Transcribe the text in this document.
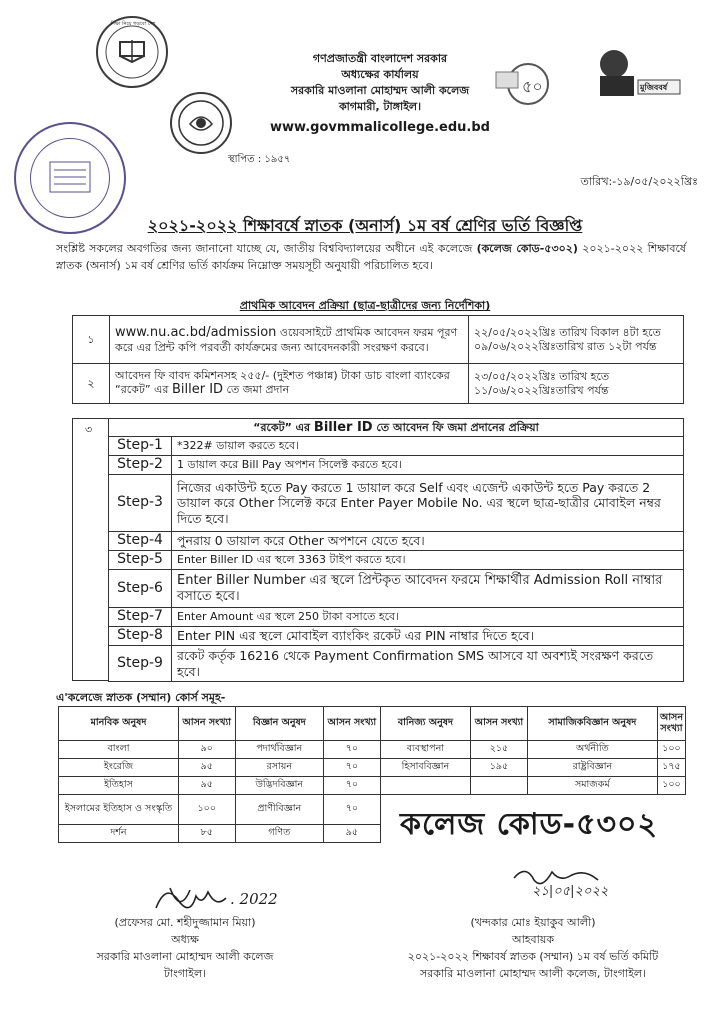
শিক্ষা নিয়ে গড়বো দেশ
স্থাপিত : ১৯৫৭
৫০	মুজিববর্ষ
গণপ্রজাতন্ত্রী বাংলাদেশ সরকার
অধ্যক্ষের কার্যালয়
সরকারি মাওলানা মোহাম্মদ আলী কলেজ
কাগমারী, টাঙ্গাইল।
www.govmmalicollege.edu.bd
তারিখ:-১৯/০৫/২০২২খ্রিঃ
২০২১-২০২২ শিক্ষাবর্ষে স্নাতক (অনার্স) ১ম বর্ষ শ্রেণির ভর্তি বিজ্ঞপ্তি
সংশ্লিষ্ট সকলের অবগতির জন্য জানানো যাচ্ছে যে, জাতীয় বিশ্ববিদ্যালয়ের অধীনে এই কলেজে (কলেজ কোড-৫৩০২) ২০২১-২০২২ শিক্ষাবর্ষে স্নাতক (অনার্স) ১ম বর্ষ শ্রেণির ভর্তি কার্যক্রম নিম্নোক্ত সময়সূচী অনুযায়ী পরিচালিত হবে।
প্রাথমিক আবেদন প্রক্রিয়া (ছাত্র-ছাত্রীদের জন্য নির্দেশিকা)
১	www.nu.ac.bd/admission ওয়েবসাইটে প্রাথমিক আবেদন ফরম পূরণ করে এর প্রিন্ট কপি পরবর্তী কার্যক্রমের জন্য আবেদনকারী সংরক্ষণ করবে।	২২/০৫/২০২২খ্রিঃ তারিখ বিকাল ৪টা হতে
০৯/০৬/২০২২খ্রিঃতারিখ রাত ১২টা পর্যন্ত

২	আবেদন ফি বাবদ কমিশনসহ ২৫৫/- (দুইশত পঞ্চান্ন) টাকা ডাচ বাংলা ব্যাংকের “রকেট” এর Biller ID তে জমা প্রদান	২৩/০৫/২০২২খ্রিঃ তারিখ হতে
১১/০৬/২০২২খ্রিঃতারিখ পর্যন্ত
৩	“রকেট” এর Biller ID তে আবেদন ফি জমা প্রদানের প্রক্রিয়া	
Step-1	*322# ডায়াল করতে হবে।
Step-2	1 ডায়াল করে Bill Pay অপশন সিলেক্ট করতে হবে।
Step-3	নিজের একাউন্ট হতে Pay করতে 1 ডায়াল করে Self এবং এজেন্ট একাউন্ট হতে Pay করতে 2 ডায়াল করে Other সিলেক্ট করে Enter Payer Mobile No. এর স্থলে ছাত্র-ছাত্রীর মোবাইল নম্বর দিতে হবে।
Step-4	পুনরায় 0 ডায়াল করে Other অপশনে যেতে হবে।
Step-5	Enter Biller ID এর স্থলে 3363 টাইপ করতে হবে।
Step-6	Enter Biller Number এর স্থলে প্রিন্টকৃত আবেদন ফরমে শিক্ষার্থীর Admission Roll নাম্বার বসাতে হবে।
Step-7	Enter Amount এর স্থলে 250 টাকা বসাতে হবে।
Step-8	Enter PIN এর স্থলে মোবাইল ব্যাংকিং রকেট এর PIN নাম্বার দিতে হবে।
Step-9	রকেট কর্তৃক 16216 থেকে Payment Confirmation SMS আসবে যা অবশ্যই সংরক্ষণ করতে হবে।
এ'কলেজে স্নাতক (সম্মান) কোর্স সমূহ-
মানবিক অনুষদ	আসন সংখ্যা	বিজ্ঞান অনুষদ	আসন সংখ্যা	বানিজ্য অনুষদ	আসন সংখ্যা	সামাজিকবিজ্ঞান অনুষদ	আসন সংখ্যা
বাংলা	৯০	পদার্থবিজ্ঞান	৭০	ব্যবস্থাপনা	২১৫	অর্থনীতি	১০০
ইংরেজি	৯৫	রসায়ন	৭০	হিসাববিজ্ঞান	১৯৫	রাষ্ট্রবিজ্ঞান	১৭৫
ইতিহাস	৯৫	উদ্ভিদবিজ্ঞান	৭০			সমাজকর্ম	১০০
ইসলামের ইতিহাস ও সংস্কৃতি	১০০	প্রাণীবিজ্ঞান	৭০				
দর্শন	৮৫	গণিত	৯৫				কলেজ কোড-৫৩০২
. 2022	২১|০৫|২০২২
(প্রফেসর মো. শহীদুজ্জামান মিয়া)
অধ্যক্ষ
সরকারি মাওলানা মোহাম্মদ আলী কলেজ
টাংগাইল।
(খন্দকার মোঃ ইয়াকুব আলী)
আহবায়ক
২০২১-২০২২ শিক্ষাবর্ষ স্নাতক (সম্মান) ১ম বর্ষ ভর্তি কমিটি
সরকারি মাওলানা মোহাম্মদ আলী কলেজ, টাংগাইল।
